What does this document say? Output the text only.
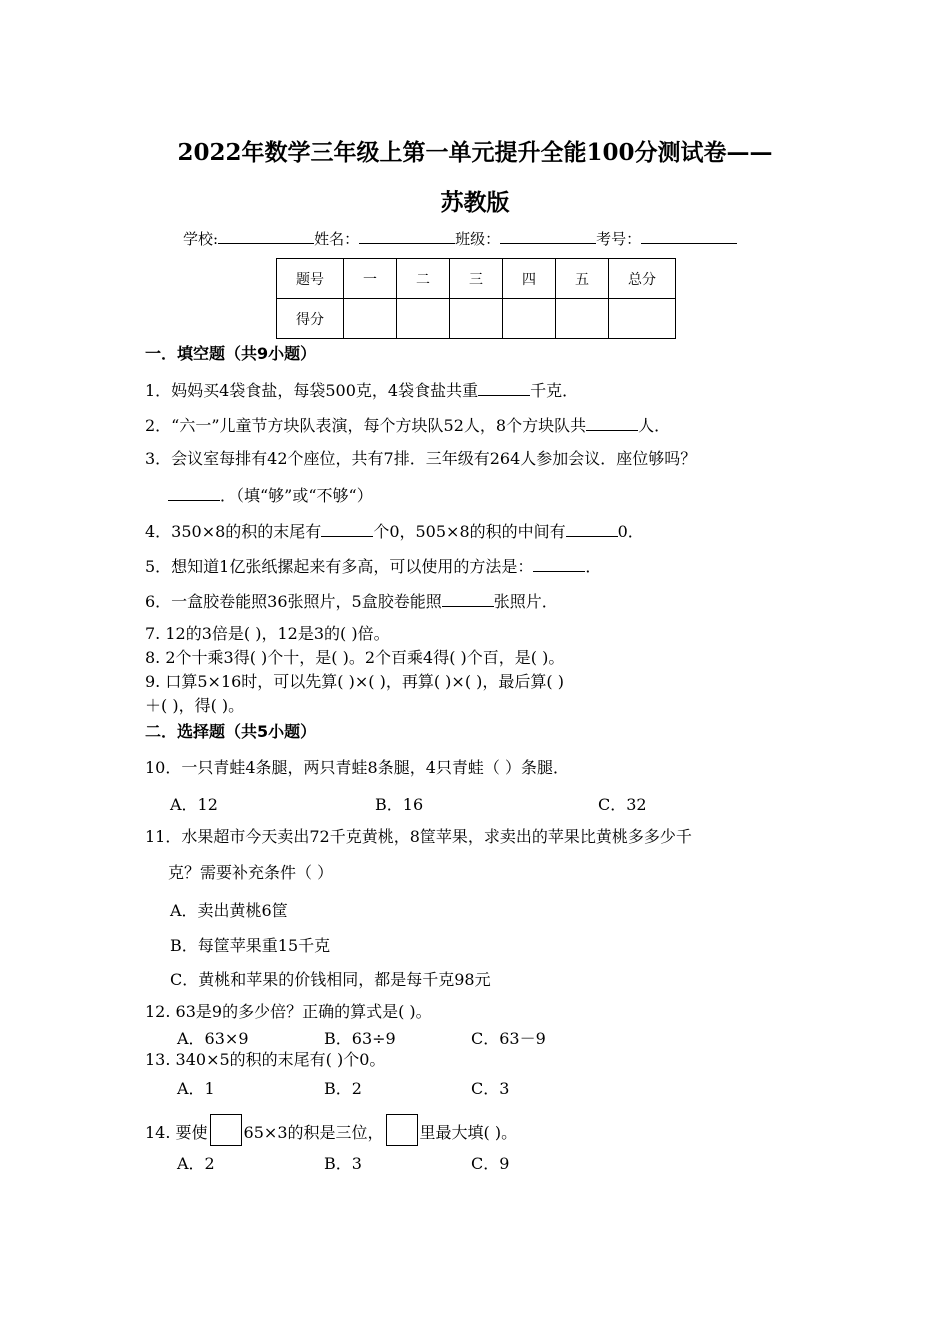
2022年数学三年级上第一单元提升全能100分测试卷——
苏教版
学校:	姓名：	班级：	考号：
题号	一	二	三	四	五	总分
得分						
一．填空题（共9小题）
1．妈妈买4袋食盐，每袋500克，4袋食盐共重	千克．
2．“六一”儿童节方块队表演，每个方块队52人，8个方块队共	人．
3．会议室每排有42个座位，共有7排．三年级有264人参加会议．座位够吗？
．（填“够”或“不够“）
4．350×8的积的末尾有	个0，505×8的积的中间有	0．
5．想知道1亿张纸摞起来有多高，可以使用的方法是：	．
6．一盒胶卷能照36张照片，5盒胶卷能照	张照片．
7. 12的3倍是( )，12是3的( )倍。
8. 2个十乘3得( )个十，是( )。2个百乘4得( )个百，是( )。
9. 口算5×16时，可以先算( )×( )，再算( )×( )，最后算( )
＋( )，得( )。
二．选择题（共5小题）
10．一只青蛙4条腿，两只青蛙8条腿，4只青蛙（ ）条腿．
A．12	B．16	C．32
11．水果超市今天卖出72千克黄桃，8筐苹果，求卖出的苹果比黄桃多多少千
克？需要补充条件（ ）
A．卖出黄桃6筐
B．每筐苹果重15千克
C．黄桃和苹果的价钱相同，都是每千克98元
12. 63是9的多少倍？正确的算式是( )。
A．63×9	B．63÷9	C．63－9
13. 340×5的积的末尾有( )个0。
A．1	B．2	C．3
14. 要使 65×3的积是三位， 里最大填( )。
A．2	B．3	C．9
